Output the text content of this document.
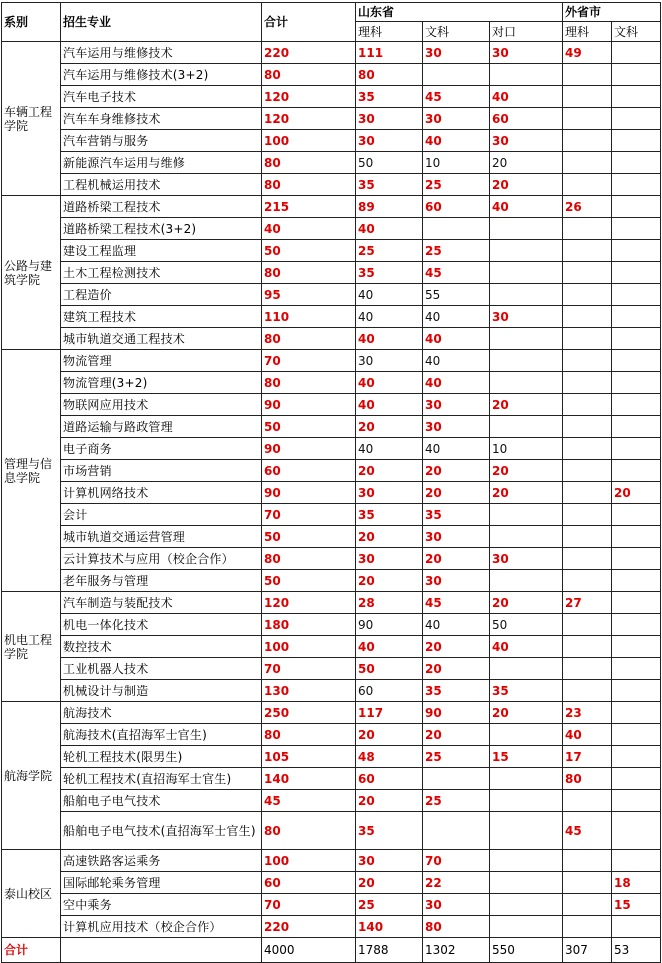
系别	招生专业	合计	山东省			外省市	
			理科	文科	对口	理科	文科
车辆工程学院	汽车运用与维修技术	220	111	30	30	49	
	汽车运用与维修技术(3+2)	80	80				
	汽车电子技术	120	35	45	40		
	汽车车身维修技术	120	30	30	60		
	汽车营销与服务	100	30	40	30		
	新能源汽车运用与维修	80	50	10	20		
	工程机械运用技术	80	35	25	20		
公路与建筑学院	道路桥梁工程技术	215	89	60	40	26	
	道路桥梁工程技术(3+2)	40	40				
	建设工程监理	50	25	25			
	土木工程检测技术	80	35	45			
	工程造价	95	40	55			
	建筑工程技术	110	40	40	30		
	城市轨道交通工程技术	80	40	40			
管理与信息学院	物流管理	70	30	40			
	物流管理(3+2)	80	40	40			
	物联网应用技术	90	40	30	20		
	道路运输与路政管理	50	20	30			
	电子商务	90	40	40	10		
	市场营销	60	20	20	20		
	计算机网络技术	90	30	20	20		20
	会计	70	35	35			
	城市轨道交通运营管理	50	20	30			
	云计算技术与应用（校企合作）	80	30	20	30		
	老年服务与管理	50	20	30			
机电工程学院	汽车制造与装配技术	120	28	45	20	27	
	机电一体化技术	180	90	40	50		
	数控技术	100	40	20	40		
	工业机器人技术	70	50	20			
	机械设计与制造	130	60	35	35		
航海学院	航海技术	250	117	90	20	23	
	航海技术(直招海军士官生)	80	20	20		40	
	轮机工程技术(限男生)	105	48	25	15	17	
	轮机工程技术(直招海军士官生)	140	60			80	
	船舶电子电气技术	45	20	25			
	船舶电子电气技术(直招海军士官生)	80	35			45	
泰山校区	高速铁路客运乘务	100	30	70			
	国际邮轮乘务管理	60	20	22			18
	空中乘务	70	25	30			15
	计算机应用技术（校企合作）	220	140	80			
合计		4000	1788	1302	550	307	53
